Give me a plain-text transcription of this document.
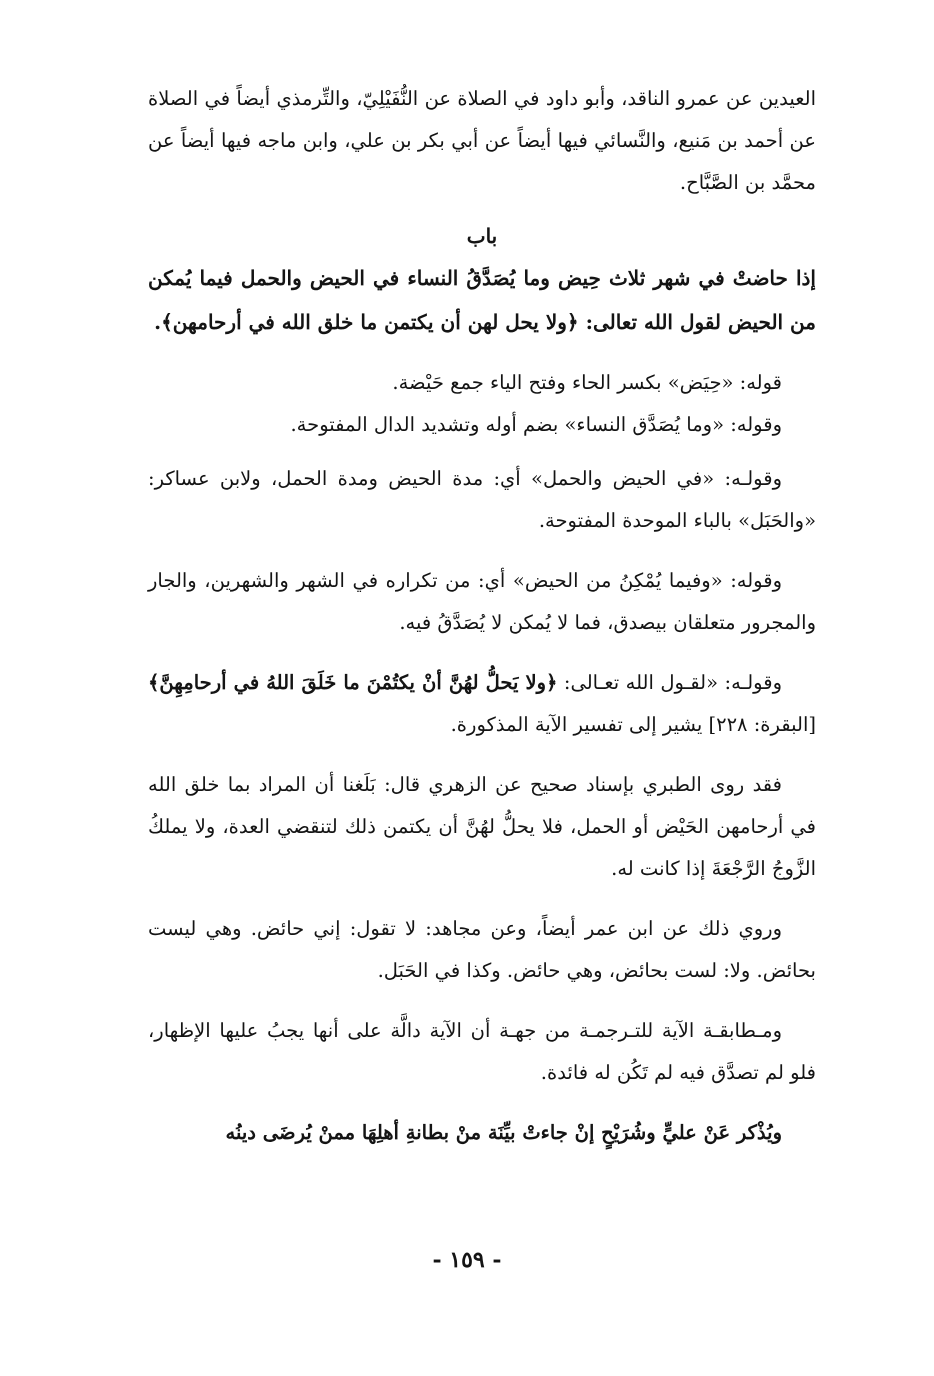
العيدين عن عمرو الناقد، وأبو داود في الصلاة عن النُّفَيْلِيّ، والتِّرمذي أيضاً في الصلاة عن أحمد بن مَنيع، والنَّسائي فيها أيضاً عن أبي بكر بن علي، وابن ماجه فيها أيضاً عن محمَّد بن الصَّبَّاح.

باب

إذا حاضتْ في شهر ثلاث حِيض وما يُصَدَّقُ النساء في الحيض والحمل فيما يُمكن من الحيض لقول الله تعالى: ﴿ولا يحل لهن أن يكتمن ما خلق الله في أرحامهن﴾.

قوله: «حِيَض» بكسر الحاء وفتح الياء جمع حَيْضة.

وقوله: «وما يُصَدَّق النساء» بضم أوله وتشديد الدال المفتوحة.

وقولـه: «في الحيض والحمل» أي: مدة الحيض ومدة الحمل، ولابن عساكر: «والحَبَل» بالباء الموحدة المفتوحة.

وقوله: «وفيما يُمْكِنُ من الحيض» أي: من تكراره في الشهر والشهرين، والجار والمجرور متعلقان بيصدق، فما لا يُمكن لا يُصَدَّقُ فيه.

وقولـه: «لقـول الله تعـالى: ﴿ولا يَحلُّ لهُنَّ أنْ يكتُمْنَ ما خَلَقَ اللهُ في أرحامِهِنَّ﴾ [البقرة: ٢٢٨] يشير إلى تفسير الآية المذكورة.

فقد روى الطبري بإسناد صحيح عن الزهري قال: بَلَغنا أن المراد بما خلق الله في أرحامهن الحَيْض أو الحمل، فلا يحلُّ لهُنَّ أن يكتمن ذلك لتنقضي العدة، ولا يملكُ الزَّوجُ الرَّجْعَةَ إذا كانت له.

وروي ذلك عن ابن عمر أيضاً، وعن مجاهد: لا تقول: إني حائض. وهي ليست بحائض. ولا: لست بحائض، وهي حائض. وكذا في الحَبَل.

ومـطابقـة الآية للتـرجمـة من جهـة أن الآية دالَّة على أنها يجبُ عليها الإظهار، فلو لم تصدَّق فيه لم تَكُن له فائدة.

ويُذْكر عَنْ عليٍّ وشُرَيْحٍ إنْ جاءتْ بيِّنَة منْ بطانةِ أهلِهَا ممنْ يُرضَى دينُه

- ١٥٩ -
